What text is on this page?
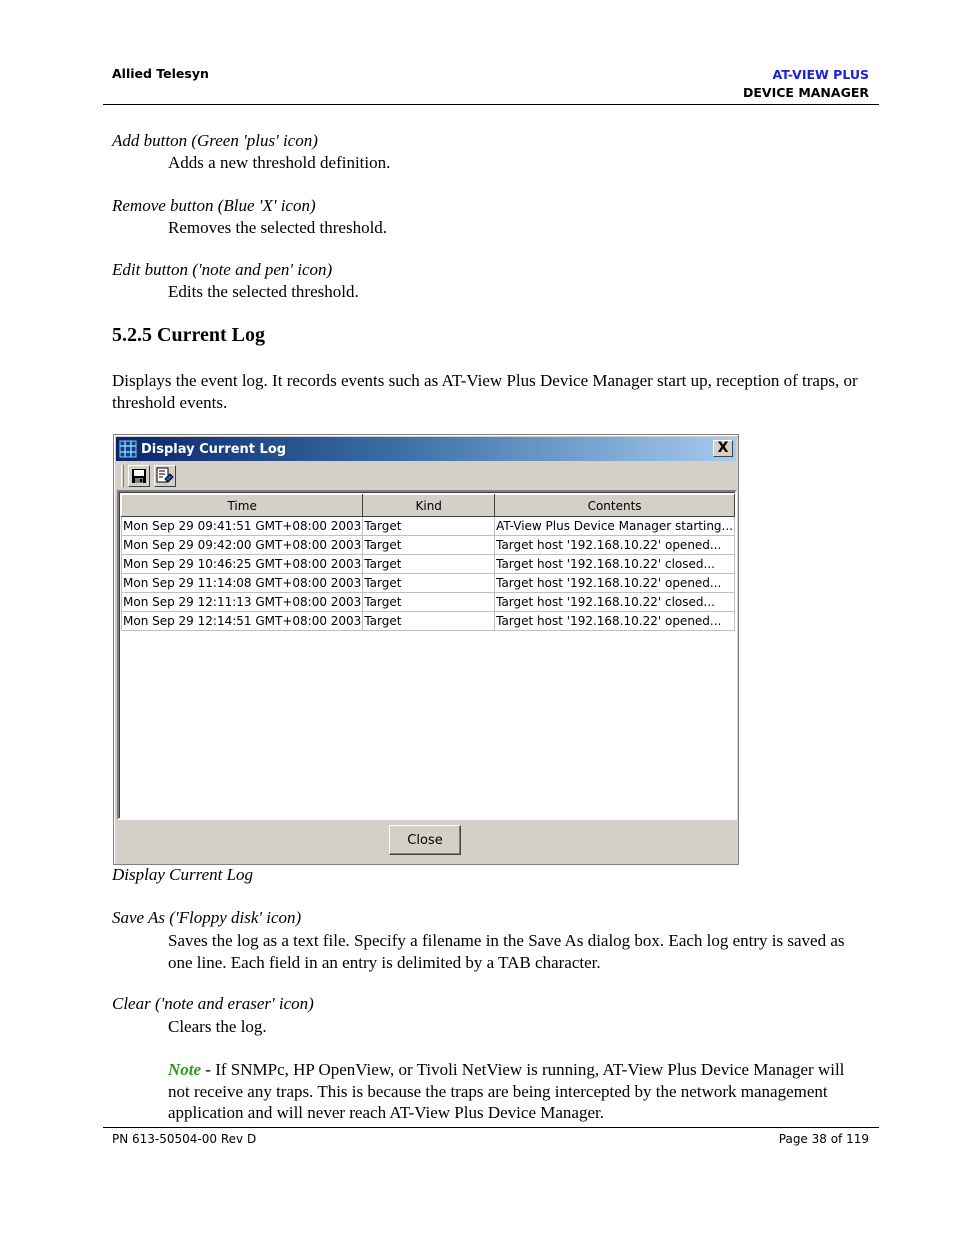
Allied Telesyn	AT-VIEW PLUS
DEVICE MANAGER
Add button (Green 'plus' icon)
Adds a new threshold definition.
Remove button (Blue 'X' icon)
Removes the selected threshold.
Edit button ('note and pen' icon)
Edits the selected threshold.
5.2.5 Current Log
Displays the event log. It records events such as AT-View Plus Device Manager start up, reception of traps, or threshold events.
Display Current Log	X
Time	Kind	Contents
Mon Sep 29 09:41:51 GMT+08:00 2003	Target	AT-View Plus Device Manager starting...
Mon Sep 29 09:42:00 GMT+08:00 2003	Target	Target host '192.168.10.22' opened...
Mon Sep 29 10:46:25 GMT+08:00 2003	Target	Target host '192.168.10.22' closed...
Mon Sep 29 11:14:08 GMT+08:00 2003	Target	Target host '192.168.10.22' opened...
Mon Sep 29 12:11:13 GMT+08:00 2003	Target	Target host '192.168.10.22' closed...
Mon Sep 29 12:14:51 GMT+08:00 2003	Target	Target host '192.168.10.22' opened...
Close
Display Current Log
Save As ('Floppy disk' icon)
Saves the log as a text file. Specify a filename in the Save As dialog box. Each log entry is saved as one line. Each field in an entry is delimited by a TAB character.
Clear ('note and eraser' icon)
Clears the log.
Note - If SNMPc, HP OpenView, or Tivoli NetView is running, AT-View Plus Device Manager will not receive any traps. This is because the traps are being intercepted by the network management application and will never reach AT-View Plus Device Manager.
PN 613-50504-00 Rev D	Page 38 of 119
